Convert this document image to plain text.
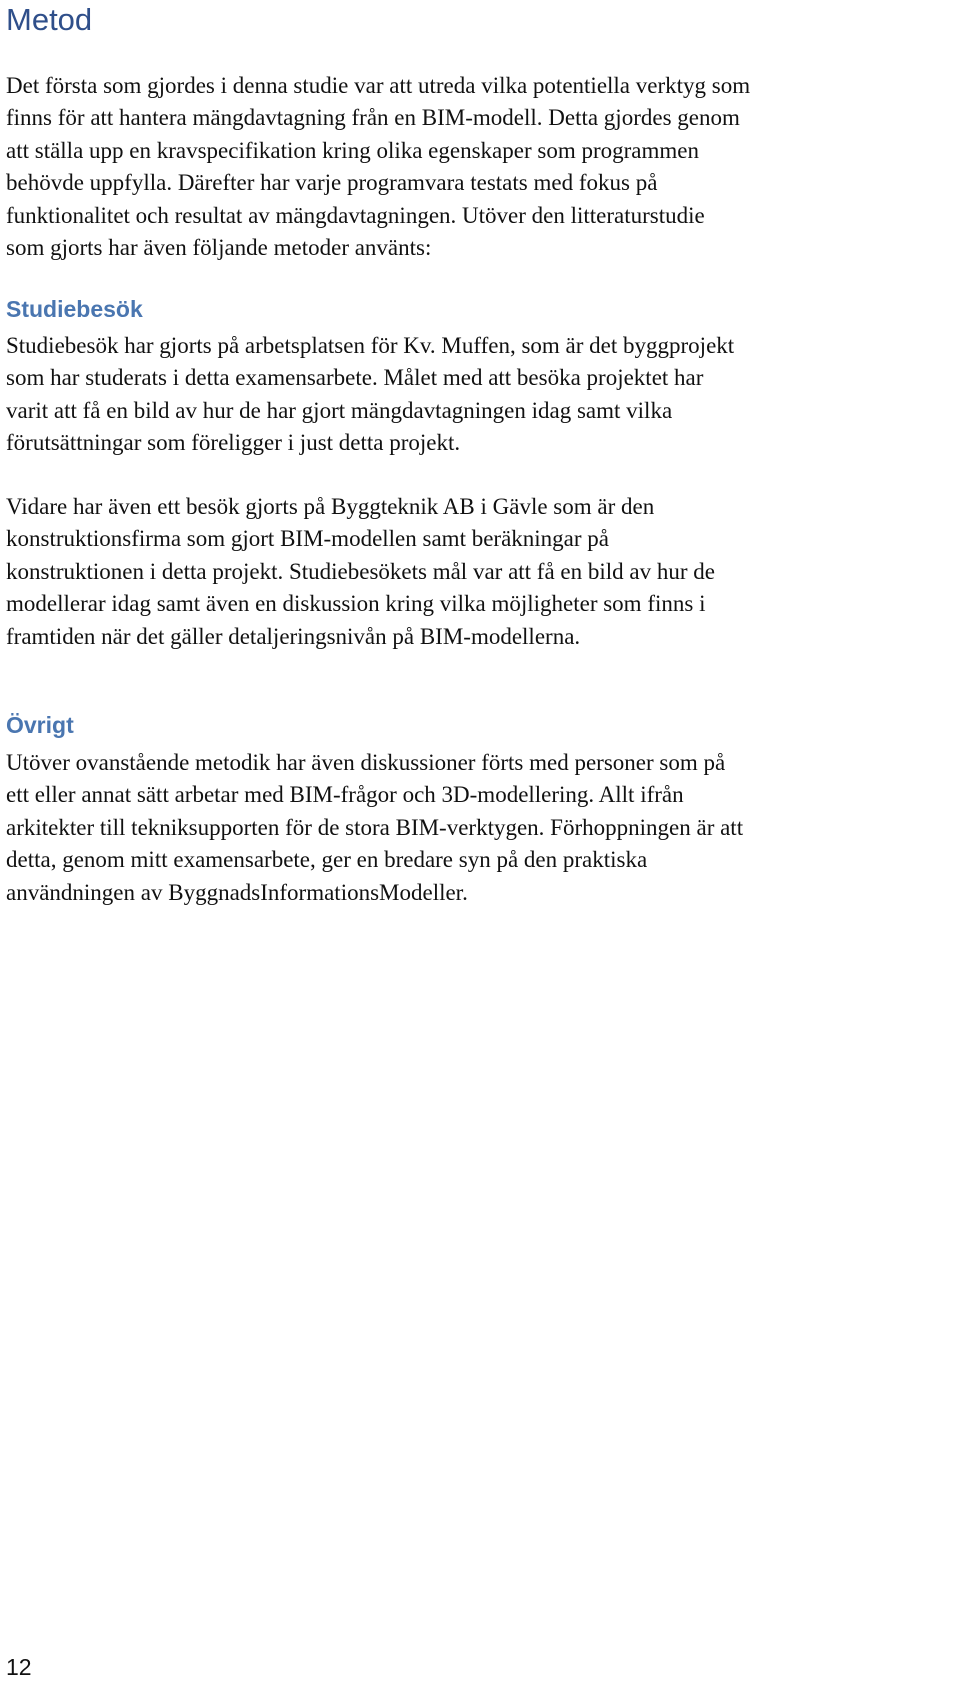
Metod

Det första som gjordes i denna studie var att utreda vilka potentiella verktyg som
finns för att hantera mängdavtagning från en BIM-modell. Detta gjordes genom
att ställa upp en kravspecifikation kring olika egenskaper som programmen
behövde uppfylla. Därefter har varje programvara testats med fokus på
funktionalitet och resultat av mängdavtagningen. Utöver den litteraturstudie
som gjorts har även följande metoder använts:

Studiebesök

Studiebesök har gjorts på arbetsplatsen för Kv. Muffen, som är det byggprojekt
som har studerats i detta examensarbete. Målet med att besöka projektet har
varit att få en bild av hur de har gjort mängdavtagningen idag samt vilka
förutsättningar som föreligger i just detta projekt.

Vidare har även ett besök gjorts på Byggteknik AB i Gävle som är den
konstruktionsfirma som gjort BIM-modellen samt beräkningar på
konstruktionen i detta projekt. Studiebesökets mål var att få en bild av hur de
modellerar idag samt även en diskussion kring vilka möjligheter som finns i
framtiden när det gäller detaljeringsnivån på BIM-modellerna.

Övrigt

Utöver ovanstående metodik har även diskussioner förts med personer som på
ett eller annat sätt arbetar med BIM-frågor och 3D-modellering. Allt ifrån
arkitekter till tekniksupporten för de stora BIM-verktygen. Förhoppningen är att
detta, genom mitt examensarbete, ger en bredare syn på den praktiska
användningen av ByggnadsInformationsModeller.

12
